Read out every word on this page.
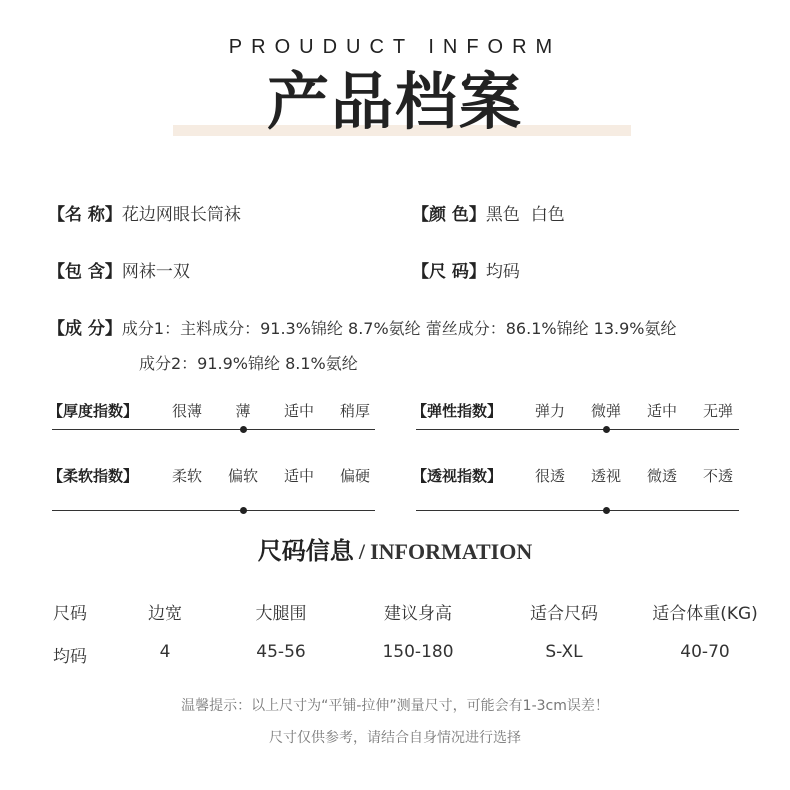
PROUDUCT INFORM
产品档案
【名 称】花边网眼长筒袜	【颜 色】黑色  白色
【包 含】网袜一双	【尺 码】均码
【成 分】成分1：主料成分：91.3%锦纶 8.7%氨纶 蕾丝成分：86.1%锦纶 13.9%氨纶
成分2：91.9%锦纶 8.1%氨纶
【厚度指数】	很薄	薄	适中	稍厚	【弹性指数】	弹力	微弹	适中	无弹
【柔软指数】	柔软	偏软	适中	偏硬	【透视指数】	很透	透视	微透	不透
尺码信息 / INFORMATION
尺码	边宽	大腿围	建议身高	适合尺码	适合体重(KG)
均码	4	45-56	150-180	S-XL	40-70
温馨提示：以上尺寸为“平铺-拉伸”测量尺寸，可能会有1-3cm误差！
尺寸仅供参考，请结合自身情况进行选择
